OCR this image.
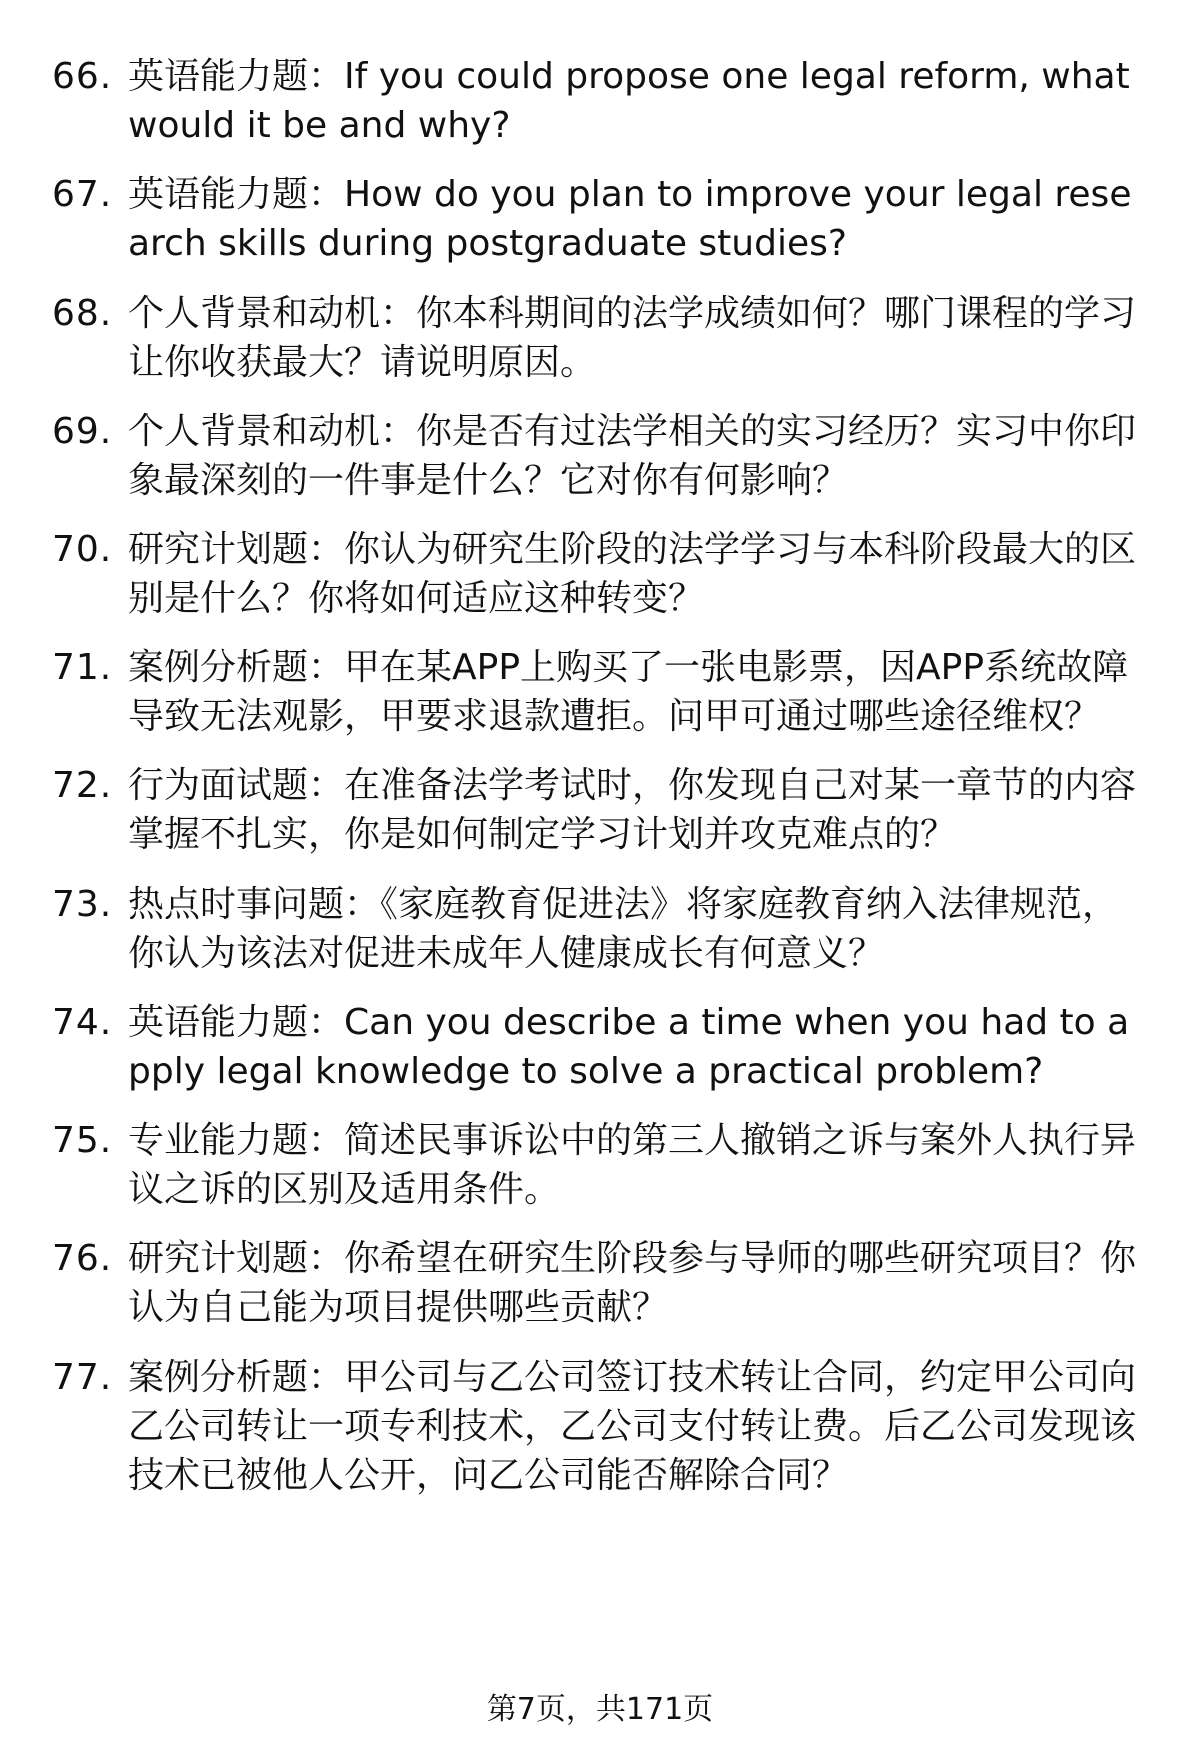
66. 英语能力题：If you could propose one legal reform, what would it be and why?
67. 英语能力题：How do you plan to improve your legal research skills during postgraduate studies?
68. 个人背景和动机：你本科期间的法学成绩如何？哪门课程的学习让你收获最大？请说明原因。
69. 个人背景和动机：你是否有过法学相关的实习经历？实习中你印象最深刻的一件事是什么？它对你有何影响？
70. 研究计划题：你认为研究生阶段的法学学习与本科阶段最大的区别是什么？你将如何适应这种转变？
71. 案例分析题：甲在某APP上购买了一张电影票，因APP系统故障导致无法观影，甲要求退款遭拒。问甲可通过哪些途径维权？
72. 行为面试题：在准备法学考试时，你发现自己对某一章节的内容掌握不扎实，你是如何制定学习计划并攻克难点的？
73. 热点时事问题：《家庭教育促进法》将家庭教育纳入法律规范，你认为该法对促进未成年人健康成长有何意义？
74. 英语能力题：Can you describe a time when you had to apply legal knowledge to solve a practical problem?
75. 专业能力题：简述民事诉讼中的第三人撤销之诉与案外人执行异议之诉的区别及适用条件。
76. 研究计划题：你希望在研究生阶段参与导师的哪些研究项目？你认为自己能为项目提供哪些贡献？
77. 案例分析题：甲公司与乙公司签订技术转让合同，约定甲公司向乙公司转让一项专利技术，乙公司支付转让费。后乙公司发现该技术已被他人公开，问乙公司能否解除合同？
第7页，共171页
